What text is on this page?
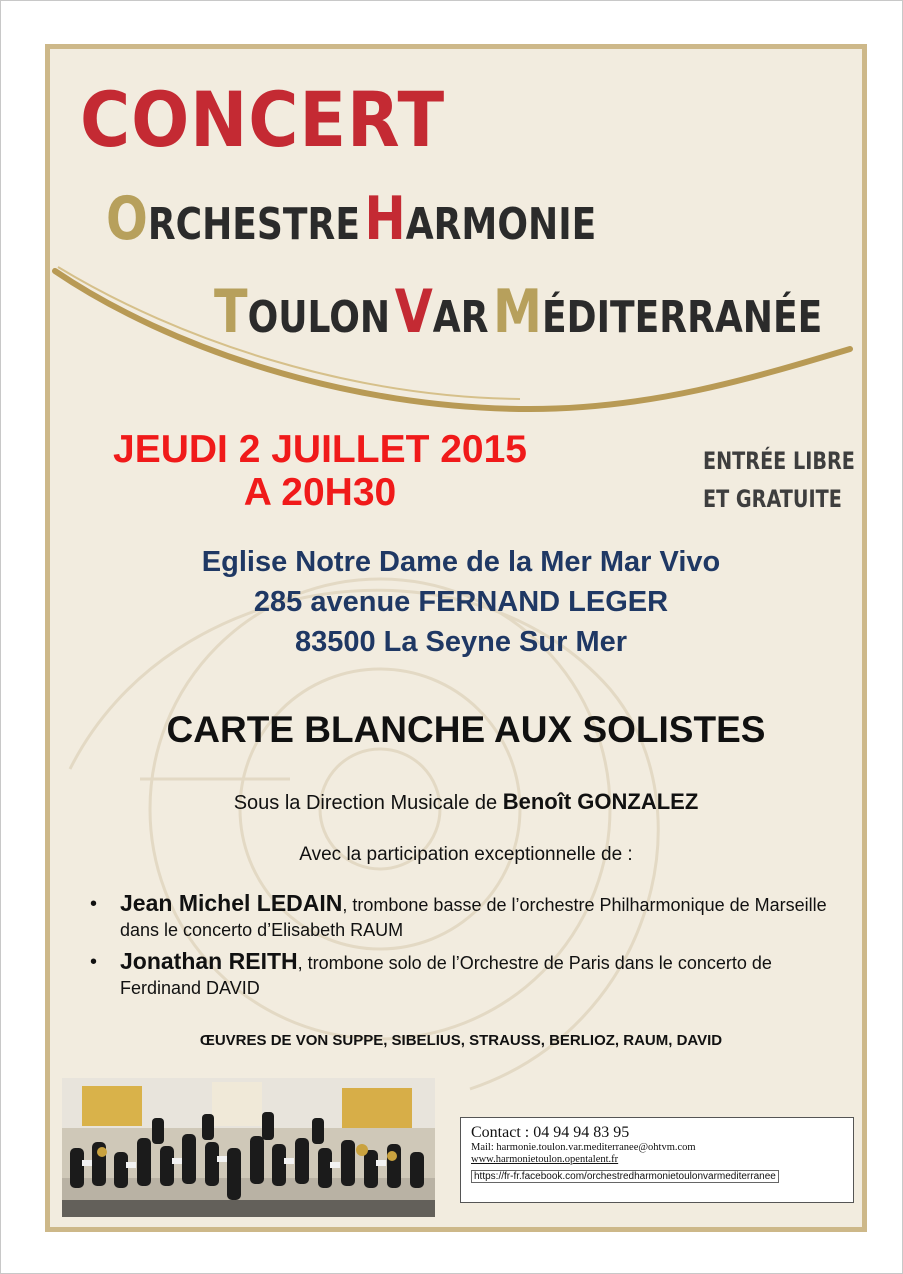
CONCERT
ORCHESTRE HARMONIE
TOULON VAR MÉDITERRANÉE
JEUDI 2 JUILLET 2015
A 20H30
ENTRÉE LIBRE
ET GRATUITE
Eglise Notre Dame de la Mer Mar Vivo
285 avenue FERNAND LEGER
83500 La Seyne Sur Mer
CARTE BLANCHE AUX SOLISTES
Sous la Direction Musicale de Benoît GONZALEZ
Avec la participation exceptionnelle de :
• Jean Michel LEDAIN, trombone basse de l’orchestre Philharmonique de Marseille dans le concerto d’Elisabeth RAUM
• Jonathan REITH, trombone solo de l’Orchestre de Paris dans le concerto de Ferdinand DAVID
ŒUVRES DE VON SUPPE, SIBELIUS, STRAUSS, BERLIOZ, RAUM, DAVID
Contact : 04 94 94 83 95
Mail: harmonie.toulon.var.mediterranee@ohtvm.com
www.harmonietoulon.opentalent.fr
https://fr-fr.facebook.com/orchestredharmonietoulonvarmediterranee
